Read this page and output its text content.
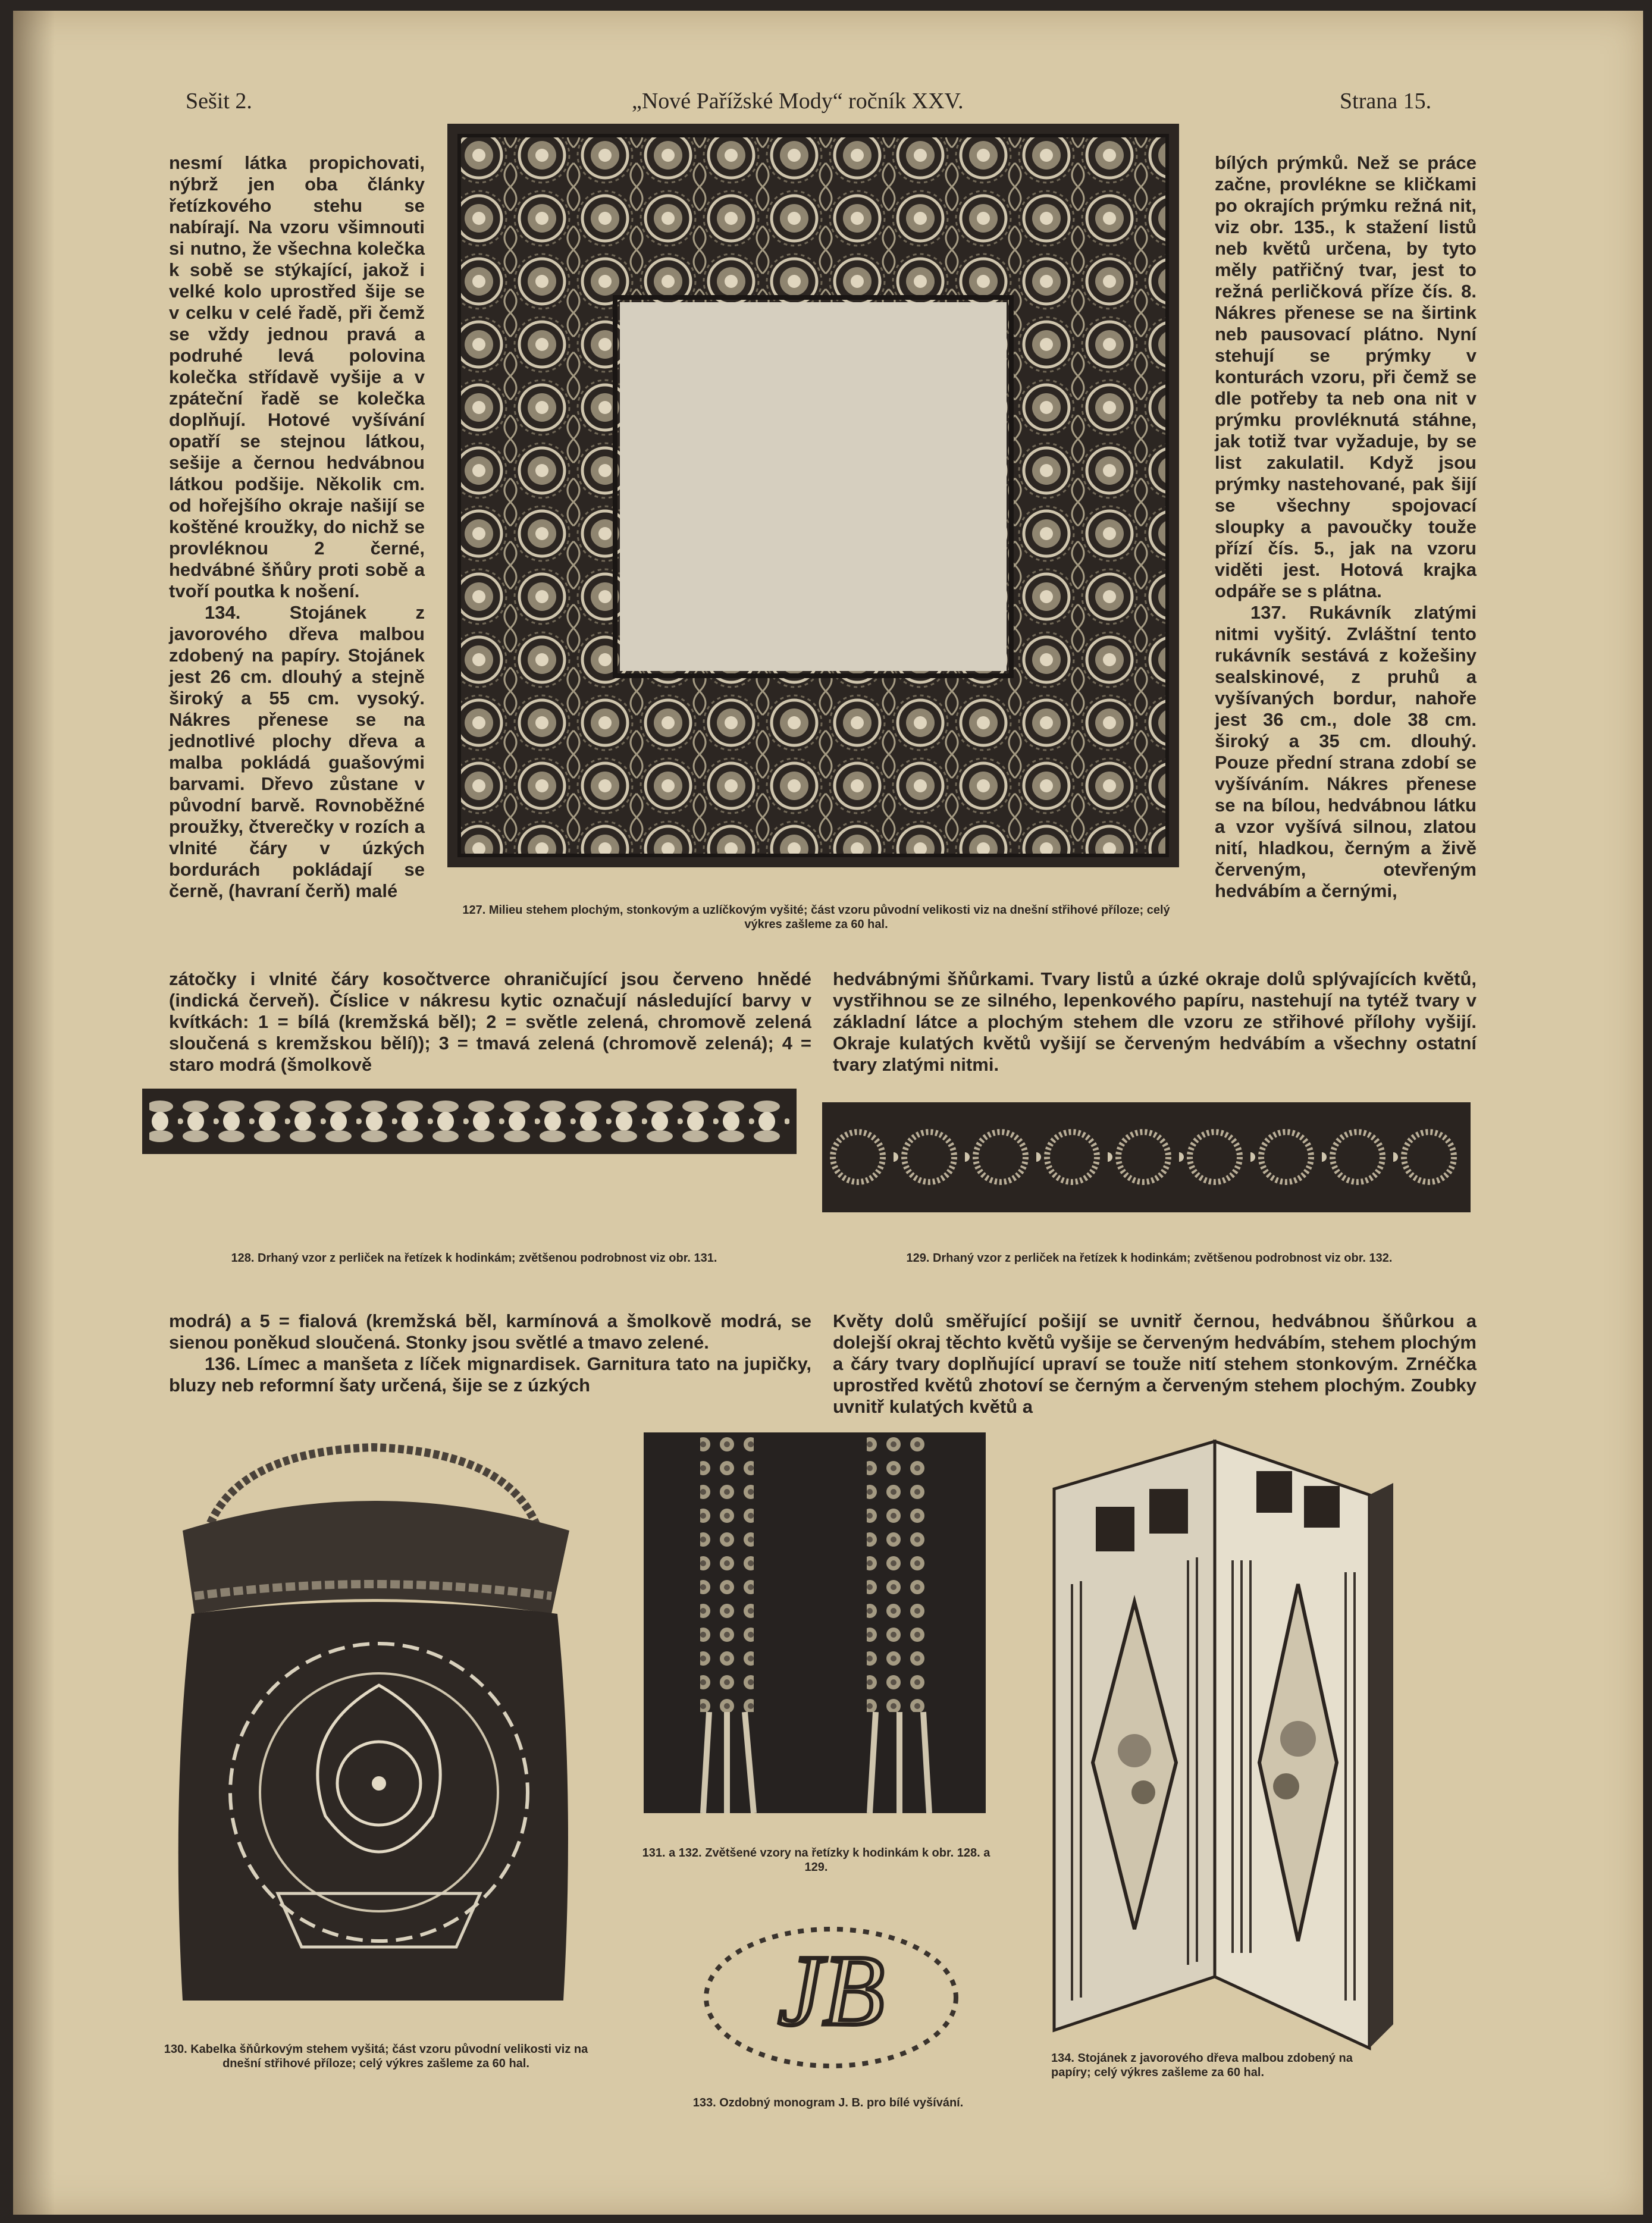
Sešit 2.	„Nové Pařížské Mody“ ročník XXV.	Strana 15.

nesmí látka propichovati, nýbrž jen oba články řetízkového stehu se nabírají. Na vzoru všimnouti si nutno, že všechna kolečka k sobě se stýkající, jakož i velké kolo uprostřed šije se v celku v celé řadě, při čemž se vždy jednou pravá a podruhé levá polovina kolečka střídavě vyšije a v zpáteční řadě se kolečka doplňují. Hotové vyšívání opatří se stejnou látkou, sešije a černou hedvábnou látkou podšije. Několik cm. od hořejšího okraje našijí se koštěné kroužky, do nichž se provléknou 2 černé, hedvábné šňůry proti sobě a tvoří poutka k nošení.

134. Stojánek z javorového dřeva malbou zdobený na papíry. Stojánek jest 26 cm. dlouhý a stejně široký a 55 cm. vysoký. Nákres přenese se na jednotlivé plochy dřeva a malba pokládá guašovými barvami. Dřevo zůstane v původní barvě. Rovnoběžné proužky, čtverečky v rozích a vlnité čáry v úzkých bordurách pokládají se černě, (havraní čerň) malé

127. Milieu stehem plochým, stonkovým a uzlíčkovým vyšité; část vzoru původní velikosti viz na dnešní střihové příloze; celý výkres zašleme za 60 hal.

bílých prýmků. Než se práce začne, provlékne se kličkami po okrajích prýmku režná nit, viz obr. 135., k stažení listů neb květů určena, by tyto měly patřičný tvar, jest to režná perličková příze čís. 8. Nákres přenese se na širtink neb pausovací plátno. Nyní stehují se prýmky v konturách vzoru, při čemž se dle potřeby ta neb ona nit v prýmku provléknutá stáhne, jak totiž tvar vyžaduje, by se list zakulatil. Když jsou prýmky nastehované, pak šijí se všechny spojovací sloupky a pavoučky touže přízí čís. 5., jak na vzoru viděti jest. Hotová krajka odpáře se s plátna.

137. Rukávník zlatými nitmi vyšitý. Zvláštní tento rukávník sestává z kožešiny sealskinové, z pruhů a vyšívaných bordur, nahoře jest 36 cm., dole 38 cm. široký a 35 cm. dlouhý. Pouze přední strana zdobí se vyšíváním. Nákres přenese se na bílou, hedvábnou látku a vzor vyšívá silnou, zlatou nití, hladkou, černým a živě červeným, otevřeným hedvábím a černými,

zátočky i vlnité čáry kosočtverce ohraničující jsou červeno hnědé (indická červeň). Číslice v nákresu kytic označují následující barvy v kvítkách: 1 = bílá (kremžská běl); 2 = světle zelená, chromově zelená sloučená s kremžskou bělí)); 3 = tmavá zelená (chromově zelená); 4 = staro modrá (šmolkově
hedvábnými šňůrkami. Tvary listů a úzké okraje dolů splývajících květů, vystřihnou se ze silného, lepenkového papíru, nastehují na tytéž tvary v základní látce a plochým stehem dle vzoru ze střihové přílohy vyšijí. Okraje kulatých květů vyšijí se červeným hedvábím a všechny ostatní tvary zlatými nitmi.
128. Drhaný vzor z perliček na řetízek k hodinkám; zvětšenou podrobnost viz obr. 131.	129. Drhaný vzor z perliček na řetízek k hodinkám; zvětšenou podrobnost viz obr. 132.

modrá) a 5 = fialová (kremžská běl, karmínová a šmolkově modrá, se sienou poněkud sloučená. Stonky jsou světlé a tmavo zelené.

136. Límec a manšeta z líček mignardisek. Garnitura tato na jupičky, bluzy neb reformní šaty určená, šije se z úzkých

Květy dolů směřující pošijí se uvnitř černou, hedvábnou šňůrkou a dolejší okraj těchto květů vyšije se červeným hedvábím, stehem plochým a čáry tvary doplňující upraví se touže nití stehem stonkovým. Zrnéčka uprostřed květů zhotoví se černým a červeným stehem plochým. Zoubky uvnitř kulatých květů a
130. Kabelka šňůrkovým stehem vyšitá; část vzoru původní velikosti viz na dnešní střihové příloze; celý výkres zašleme za 60 hal.
131. a 132. Zvětšené vzory na řetízky k hodinkám k obr. 128. a 129.
JB
133. Ozdobný monogram J. B. pro bílé vyšívání.
134. Stojánek z javorového dřeva malbou zdobený na papíry; celý výkres zašleme za 60 hal.
